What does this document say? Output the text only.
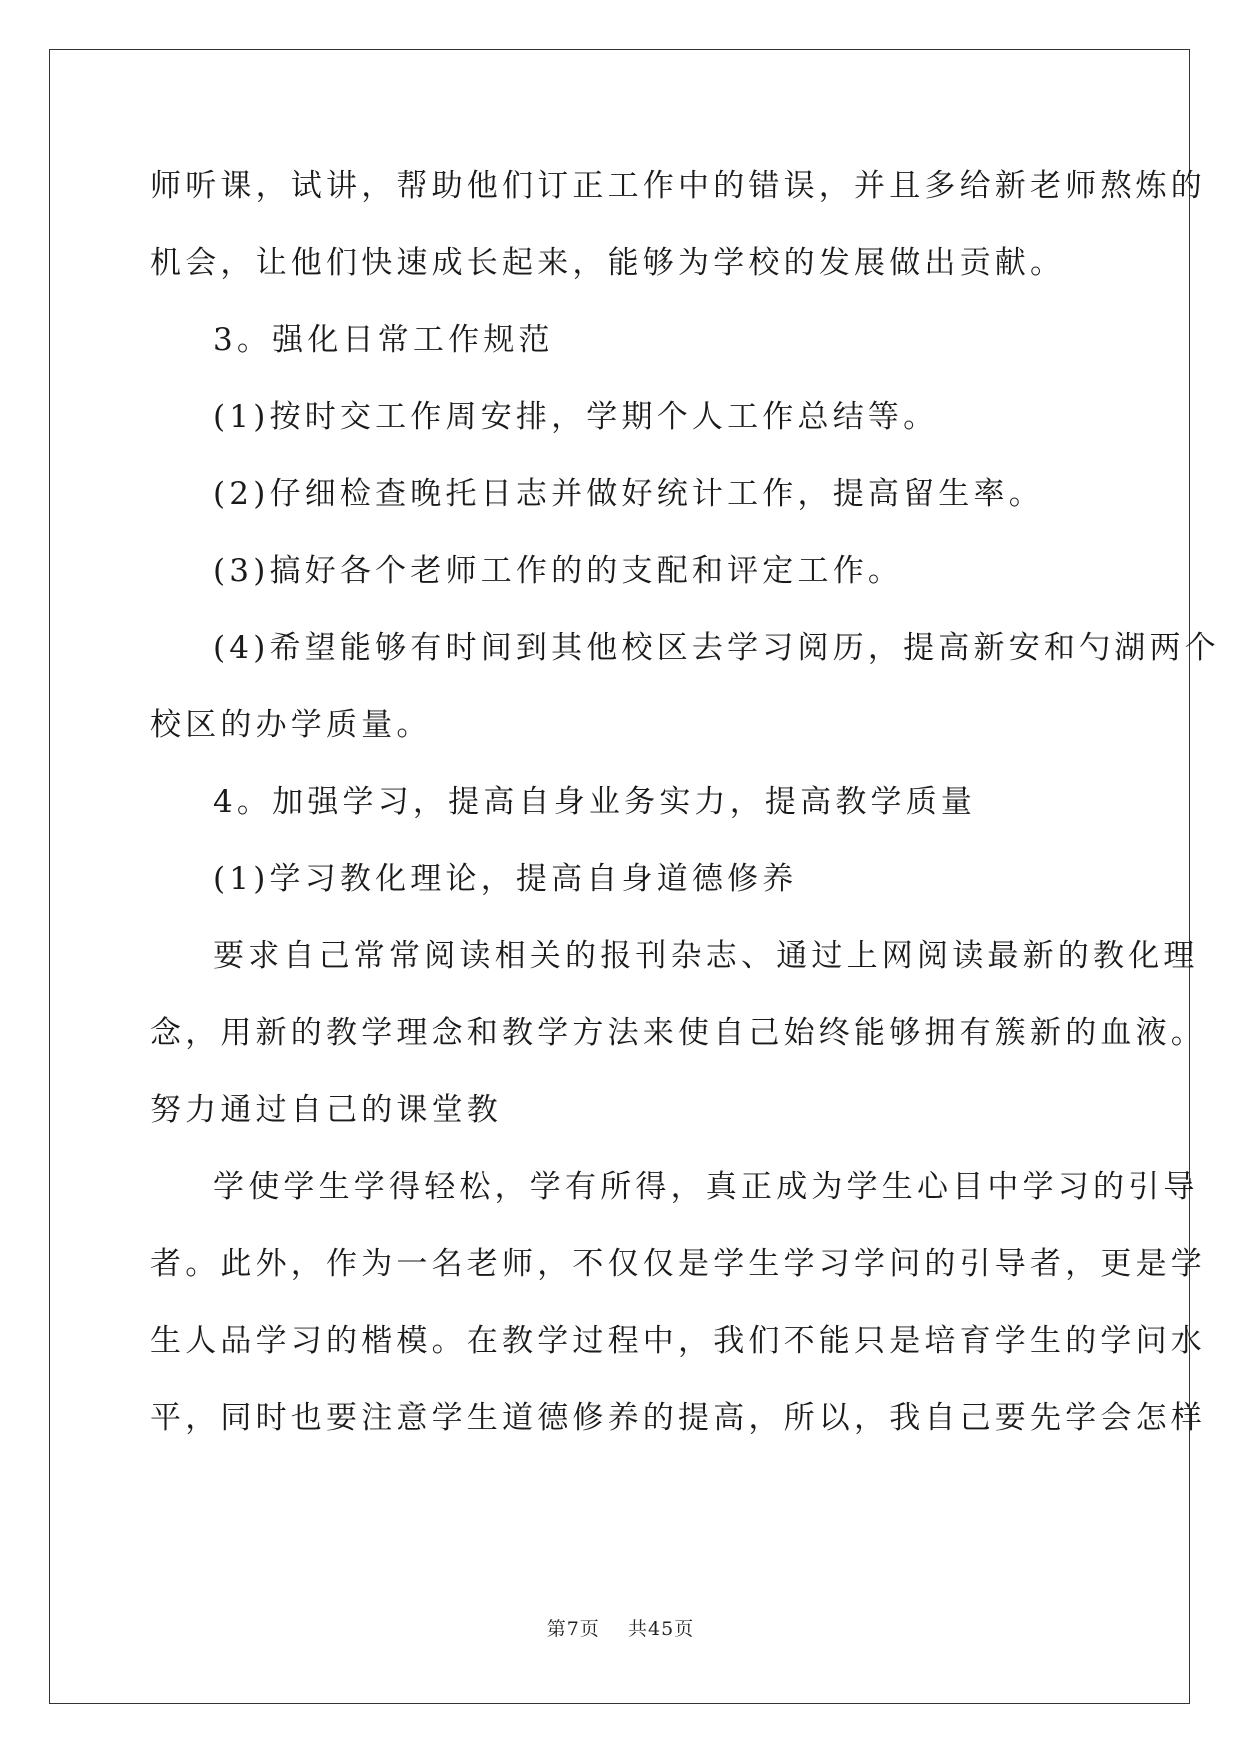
师听课，试讲，帮助他们订正工作中的错误，并且多给新老师熬炼的
机会，让他们快速成长起来，能够为学校的发展做出贡献。
3。强化日常工作规范
(1)按时交工作周安排，学期个人工作总结等。
(2)仔细检查晚托日志并做好统计工作，提高留生率。
(3)搞好各个老师工作的的支配和评定工作。
(4)希望能够有时间到其他校区去学习阅历，提高新安和勺湖两个
校区的办学质量。
4。加强学习，提高自身业务实力，提高教学质量
(1)学习教化理论，提高自身道德修养
要求自己常常阅读相关的报刊杂志、通过上网阅读最新的教化理
念，用新的教学理念和教学方法来使自己始终能够拥有簇新的血液。
努力通过自己的课堂教
学使学生学得轻松，学有所得，真正成为学生心目中学习的引导
者。此外，作为一名老师，不仅仅是学生学习学问的引导者，更是学
生人品学习的楷模。在教学过程中，我们不能只是培育学生的学问水
平，同时也要注意学生道德修养的提高，所以，我自己要先学会怎样
第7页 共45页
